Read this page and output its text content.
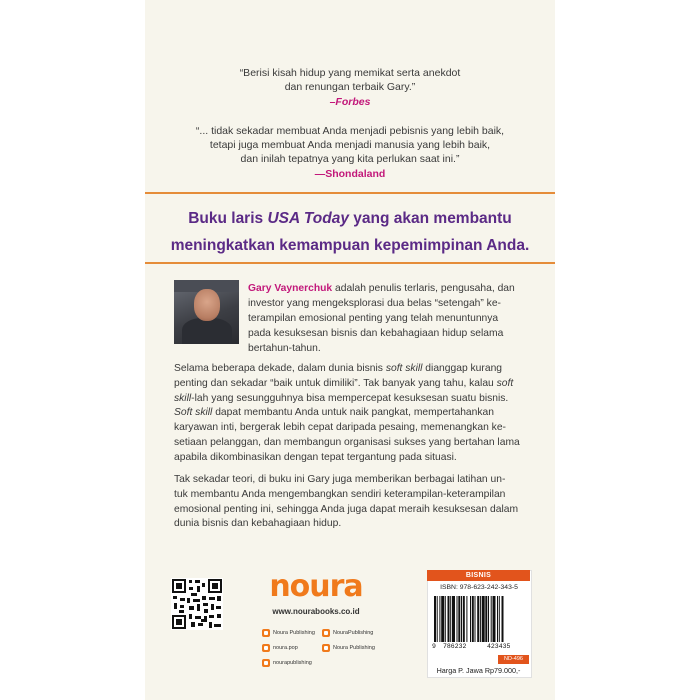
“Berisi kisah hidup yang memikat serta anekdot
dan renungan terbaik Gary.”
–Forbes
“... tidak sekadar membuat Anda menjadi pebisnis yang lebih baik,
tetapi juga membuat Anda menjadi manusia yang lebih baik,
dan inilah tepatnya yang kita perlukan saat ini.”
—Shondaland
Buku laris USA Today yang akan membantu
meningkatkan kemampuan kepemimpinan Anda.
Gary Vaynerchuk adalah penulis terlaris, pengusaha, dan
investor yang mengeksplorasi dua belas “setengah” ke-
terampilan emosional penting yang telah menuntunnya
pada kesuksesan bisnis dan kebahagiaan hidup selama
bertahun-tahun.
Selama beberapa dekade, dalam dunia bisnis soft skill dianggap kurang
penting dan sekadar “baik untuk dimiliki”. Tak banyak yang tahu, kalau soft
skill-lah yang sesungguhnya bisa mempercepat kesuksesan suatu bisnis.
Soft skill dapat membantu Anda untuk naik pangkat, mempertahankan
karyawan inti, bergerak lebih cepat daripada pesaing, memenangkan ke-
setiaan pelanggan, dan membangun organisasi sukses yang bertahan lama
apabila dikombinasikan dengan tepat tergantung pada situasi.
Tak sekadar teori, di buku ini Gary juga memberikan berbagai latihan un-
tuk membantu Anda mengembangkan sendiri keterampilan-keterampilan
emosional penting ini, sehingga Anda juga dapat meraih kesuksesan dalam
dunia bisnis dan kebahagiaan hidup.
noura
www.nourabooks.co.id
Noura Publishing	NouraPublishing
noura.pop	Noura Publishing
nourapublishing
BISNIS
ISBN: 978-623-242-343-5
9 786232	423435
ND-496
Harga P. Jawa Rp79.000,-
